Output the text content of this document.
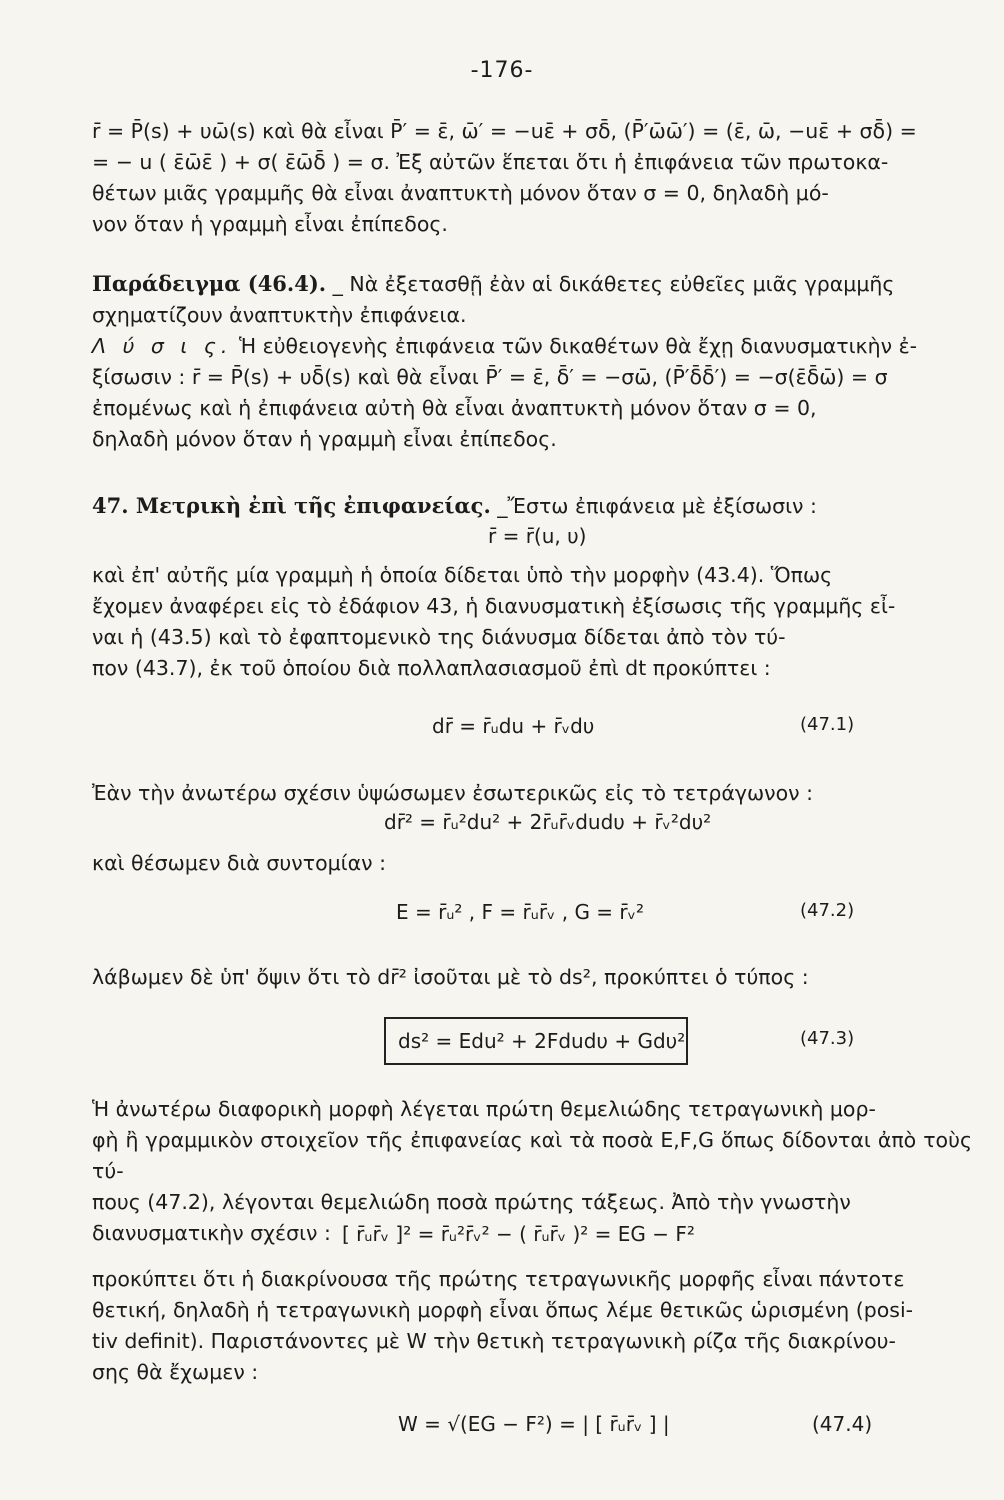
-176-
r̄ = P̄(s) + υω̄(s) καὶ θὰ εἶναι P̄′ = ε̄, ω̄′ = −uε̄ + σδ̄, (P̄′ω̄ω̄′) = (ε̄, ω̄, −uε̄ + σδ̄) =
= − u ( ε̄ω̄ε̄ ) + σ( ε̄ω̄δ̄ ) = σ. Ἐξ αὐτῶν ἕπεται ὅτι ἡ ἐπιφάνεια τῶν πρωτοκα-
θέτων μιᾶς γραμμῆς θὰ εἶναι ἀναπτυκτὴ μόνον ὅταν σ = 0, δηλαδὴ μό-
νον ὅταν ἡ γραμμὴ εἶναι ἐπίπεδος.
Παράδειγμα (46.4). _ Νὰ ἐξετασθῇ ἐὰν αἱ δικάθετες εὐθεῖες μιᾶς γραμμῆς
σχηματίζουν ἀναπτυκτὴν ἐπιφάνεια.
Λ ύ σ ι ς. Ἡ εὐθειογενὴς ἐπιφάνεια τῶν δικαθέτων θὰ ἔχῃ διανυσματικὴν ἐ-
ξίσωσιν : r̄ = P̄(s) + υδ̄(s) καὶ θὰ εἶναι P̄′ = ε̄, δ̄′ = −σω̄, (P̄′δ̄δ̄′) = −σ(ε̄δ̄ω̄) = σ
ἐπομένως καὶ ἡ ἐπιφάνεια αὐτὴ θὰ εἶναι ἀναπτυκτὴ μόνον ὅταν σ = 0,
δηλαδὴ μόνον ὅταν ἡ γραμμὴ εἶναι ἐπίπεδος.
47. Μετρικὴ ἐπὶ τῆς ἐπιφανείας. _Ἔστω ἐπιφάνεια μὲ ἐξίσωσιν :
r̄ = r̄(u, υ)
καὶ ἐπ' αὐτῆς μία γραμμὴ ἡ ὁποία δίδεται ὑπὸ τὴν μορφὴν (43.4). Ὅπως
ἔχομεν ἀναφέρει εἰς τὸ ἐδάφιον 43, ἡ διανυσματικὴ ἐξίσωσις τῆς γραμμῆς εἶ-
ναι ἡ (43.5) καὶ τὸ ἐφαπτομενικὸ της διάνυσμα δίδεται ἀπὸ τὸν τύ-
πον (43.7), ἐκ τοῦ ὁποίου διὰ πολλαπλασιασμοῦ ἐπὶ dt προκύπτει :
dr̄ = r̄ᵤdu + r̄ᵥdυ	(47.1)
Ἐὰν τὴν ἀνωτέρω σχέσιν ὑψώσωμεν ἐσωτερικῶς εἰς τὸ τετράγωνον :
dr̄² = r̄ᵤ²du² + 2r̄ᵤr̄ᵥdudυ + r̄ᵥ²dυ²
καὶ θέσωμεν διὰ συντομίαν :
E = r̄ᵤ² , F = r̄ᵤr̄ᵥ , G = r̄ᵥ²	(47.2)
λάβωμεν δὲ ὑπ' ὄψιν ὅτι τὸ dr̄² ἰσοῦται μὲ τὸ ds², προκύπτει ὁ τύπος :
ds² = Edu² + 2Fdudυ + Gdυ²	(47.3)
Ἡ ἀνωτέρω διαφορικὴ μορφὴ λέγεται πρώτη θεμελιώδης τετραγωνικὴ μορ-
φὴ ἢ γραμμικὸν στοιχεῖον τῆς ἐπιφανείας καὶ τὰ ποσὰ E,F,G ὅπως δίδονται ἀπὸ τοὺς τύ-
πους (47.2), λέγονται θεμελιώδη ποσὰ πρώτης τάξεως. Ἀπὸ τὴν γνωστὴν
διανυσματικὴν σχέσιν : [ r̄ᵤr̄ᵥ ]² = r̄ᵤ²r̄ᵥ² − ( r̄ᵤr̄ᵥ )² = EG − F²
προκύπτει ὅτι ἡ διακρίνουσα τῆς πρώτης τετραγωνικῆς μορφῆς εἶναι πάντοτε
θετική, δηλαδὴ ἡ τετραγωνικὴ μορφὴ εἶναι ὅπως λέμε θετικῶς ὡρισμένη (posi-
tiv definit). Παριστάνοντες μὲ W τὴν θετικὴ τετραγωνικὴ ρίζα τῆς διακρίνου-
σης θὰ ἔχωμεν :
W = √(EG − F²) = | [ r̄ᵤr̄ᵥ ] |	(47.4)
